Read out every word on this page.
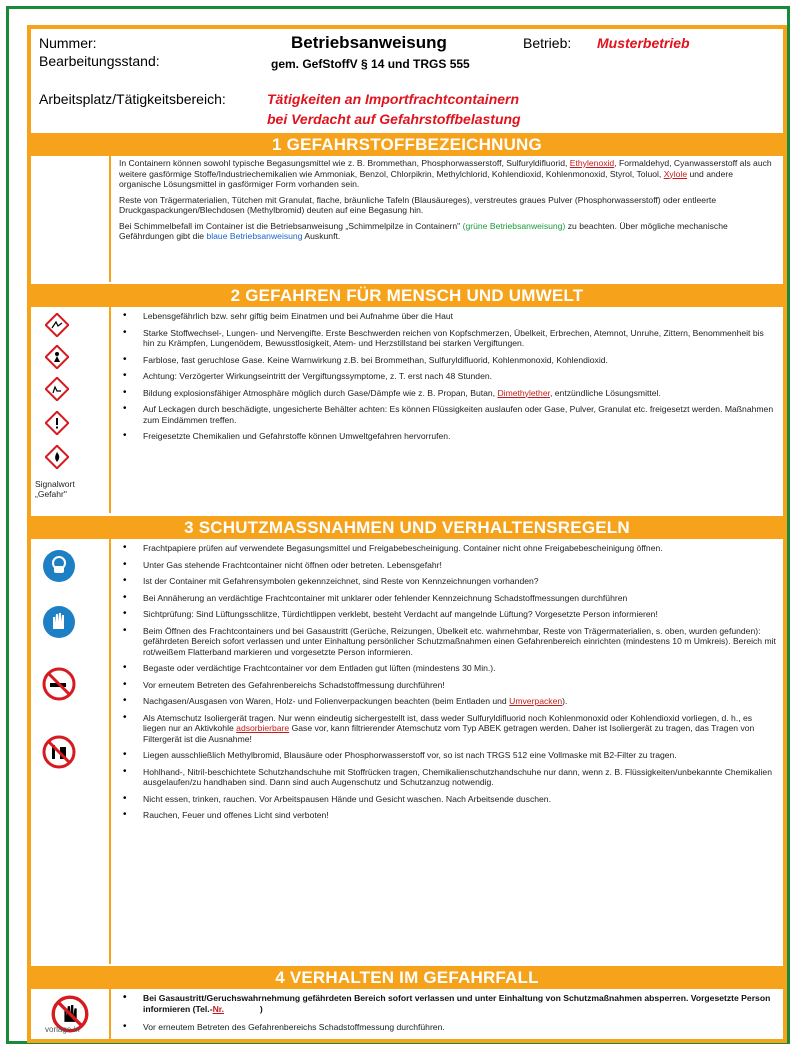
Nummer:
Bearbeitungsstand:
Betriebsanweisung
gem. GefStoffV § 14 und TRGS 555
Betrieb: Musterbetrieb
Arbeitsplatz/Tätigkeitsbereich:	Tätigkeiten an Importfrachtcontainern
bei Verdacht auf Gefahrstoffbelastung
1 GEFAHRSTOFFBEZEICHNUNG

In Containern können sowohl typische Begasungsmittel wie z. B. Brommethan, Phosphorwasserstoff, Sulfuryldifluorid, Ethylenoxid, Formaldehyd, Cyanwasserstoff als auch weitere gasförmige Stoffe/Industriechemikalien wie Ammoniak, Benzol, Chlorpikrin, Methylchlorid, Kohlendioxid, Kohlenmonoxid, Styrol, Toluol, Xylole und andere organische Lösungsmittel in gasförmiger Form vorhanden sein.

Reste von Trägermaterialien, Tütchen mit Granulat, flache, bräunliche Tafeln (Blausäureges), verstreutes graues Pulver (Phosphorwasserstoff) oder entleerte Druckgaspackungen/Blechdosen (Methylbromid) deuten auf eine Begasung hin.

Bei Schimmelbefall im Container ist die Betriebsanweisung „Schimmelpilze in Containern" (grüne Betriebsanweisung) zu beachten. Über mögliche mechanische Gefährdungen gibt die blaue Betriebsanweisung Auskunft.

2 GEFAHREN FÜR MENSCH UND UMWELT
Signalwort
„Gefahr"
• Lebensgefährlich bzw. sehr giftig beim Einatmen und bei Aufnahme über die Haut
• Starke Stoffwechsel-, Lungen- und Nervengifte. Erste Beschwerden reichen von Kopfschmerzen, Übelkeit, Erbrechen, Atemnot, Unruhe, Zittern, Benommenheit bis hin zu Krämpfen, Lungenödem, Bewusstlosigkeit, Atem- und Herzstillstand bei starken Vergiftungen.
• Farblose, fast geruchlose Gase. Keine Warnwirkung z.B. bei Brommethan, Sulfuryldifluorid, Kohlenmonoxid, Kohlendioxid.
• Achtung: Verzögerter Wirkungseintritt der Vergiftungssymptome, z. T. erst nach 48 Stunden.
• Bildung explosionsfähiger Atmosphäre möglich durch Gase/Dämpfe wie z. B. Propan, Butan, Dimethylether, entzündliche Lösungsmittel.
• Auf Leckagen durch beschädigte, ungesicherte Behälter achten: Es können Flüssigkeiten auslaufen oder Gase, Pulver, Granulat etc. freigesetzt werden. Maßnahmen zum Eindämmen treffen.
• Freigesetzte Chemikalien und Gefahrstoffe können Umweltgefahren hervorrufen.
3 SCHUTZMASSNAHMEN UND VERHALTENSREGELN
• Frachtpapiere prüfen auf verwendete Begasungsmittel und Freigabebescheinigung. Container nicht ohne Freigabebescheinigung öffnen.
• Unter Gas stehende Frachtcontainer nicht öffnen oder betreten. Lebensgefahr!
• Ist der Container mit Gefahrensymbolen gekennzeichnet, sind Reste von Kennzeichnungen vorhanden?
• Bei Annäherung an verdächtige Frachtcontainer mit unklarer oder fehlender Kennzeichnung Schadstoffmessungen durchführen
• Sichtprüfung: Sind Lüftungsschlitze, Türdichtlippen verklebt, besteht Verdacht auf mangelnde Lüftung? Vorgesetzte Person informieren!
• Beim Öffnen des Frachtcontainers und bei Gasaustritt (Gerüche, Reizungen, Übelkeit etc. wahrnehmbar, Reste von Trägermaterialien, s. oben, wurden gefunden): gefährdeten Bereich sofort verlassen und unter Einhaltung persönlicher Schutzmaßnahmen einen Gefahrenbereich einrichten (mindestens 10 m Umkreis). Bereich mit rot/weißem Flatterband markieren und vorgesetzte Person informieren.
• Begaste oder verdächtige Frachtcontainer vor dem Entladen gut lüften (mindestens 30 Min.).
• Vor erneutem Betreten des Gefahrenbereichs Schadstoffmessung durchführen!
• Nachgasen/Ausgasen von Waren, Holz- und Folienverpackungen beachten (beim Entladen und Umverpacken).
• Als Atemschutz Isoliergerät tragen. Nur wenn eindeutig sichergestellt ist, dass weder Sulfuryldifluorid noch Kohlenmonoxid oder Kohlendioxid vorliegen, d. h., es liegen nur an Aktivkohle adsorbierbare Gase vor, kann filtrierender Atemschutz vom Typ ABEK getragen werden. Daher ist Isoliergerät zu tragen, das Tragen von Filtergerät ist die Ausnahme!
• Liegen ausschließlich Methylbromid, Blausäure oder Phosphorwasserstoff vor, so ist nach TRGS 512 eine Vollmaske mit B2-Filter zu tragen.
• Hohlhand-, Nitril-beschichtete Schutzhandschuhe mit Stoffrücken tragen, Chemikalienschutzhandschuhe nur dann, wenn z. B. Flüssigkeiten/unbekannte Chemikalien ausgelaufen/zu handhaben sind. Dann sind auch Augenschutz und Schutzanzug notwendig.
• Nicht essen, trinken, rauchen. Vor Arbeitspausen Hände und Gesicht waschen. Nach Arbeitsende duschen.
• Rauchen, Feuer und offenes Licht sind verboten!
4 VERHALTEN IM GEFAHRFALL
vorlage.in
• Bei Gasaustritt/Geruchswahrnehmung gefährdeten Bereich sofort verlassen und unter Einhaltung von Schutzmaßnahmen absperren. Vorgesetzte Person informieren (Tel.-Nr.	)
• Vor erneutem Betreten des Gefahrenbereichs Schadstoffmessung durchführen.
